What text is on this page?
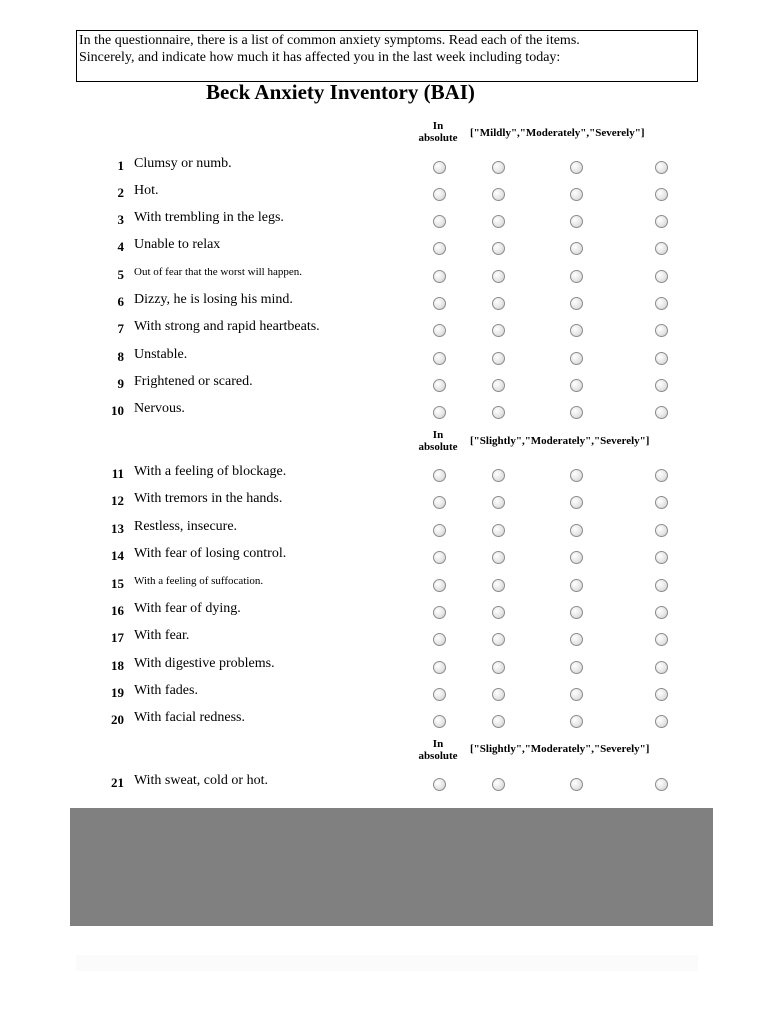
In the questionnaire, there is a list of common anxiety symptoms. Read each of the items.
Sincerely, and indicate how much it has affected you in the last week including today:
Beck Anxiety Inventory (BAI)
In
absolute	["Mildly","Moderately","Severely"]
In
absolute	["Slightly","Moderately","Severely"]
In
absolute
["Slightly","Moderately","Severely"]
1 Clumsy or numb.
2 Hot.
3 With trembling in the legs.
4 Unable to relax
5 Out of fear that the worst will happen.
6 Dizzy, he is losing his mind.
7 With strong and rapid heartbeats.
8 Unstable.
9 Frightened or scared.
10 Nervous.
11 With a feeling of blockage.
12 With tremors in the hands.
13 Restless, insecure.
14 With fear of losing control.
15 With a feeling of suffocation.
16 With fear of dying.
17 With fear.
18 With digestive problems.
19 With fades.
20 With facial redness.
21 With sweat, cold or hot.
